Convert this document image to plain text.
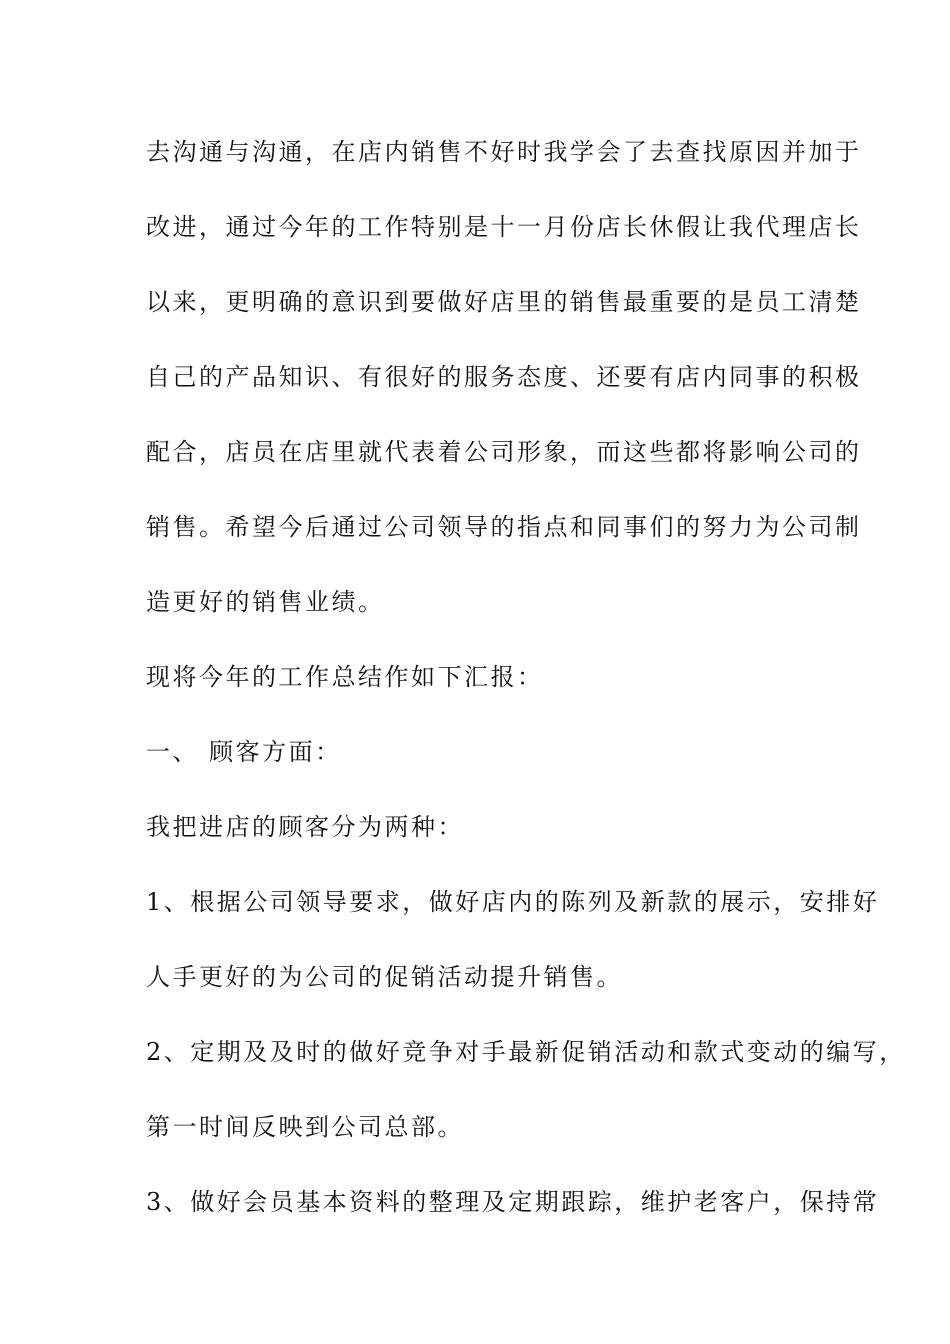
去沟通与沟通，在店内销售不好时我学会了去查找原因并加于
改进，通过今年的工作特别是十一月份店长休假让我代理店长
以来，更明确的意识到要做好店里的销售最重要的是员工清楚
自己的产品知识、有很好的服务态度、还要有店内同事的积极
配合，店员在店里就代表着公司形象，而这些都将影响公司的
销售。希望今后通过公司领导的指点和同事们的努力为公司制
造更好的销售业绩。
现将今年的工作总结作如下汇报：
一、 顾客方面：
我把进店的顾客分为两种：
1、根据公司领导要求，做好店内的陈列及新款的展示，安排好
人手更好的为公司的促销活动提升销售。
2、定期及及时的做好竞争对手最新促销活动和款式变动的编写，
第一时间反映到公司总部。
3、做好会员基本资料的整理及定期跟踪，维护老客户，保持常
